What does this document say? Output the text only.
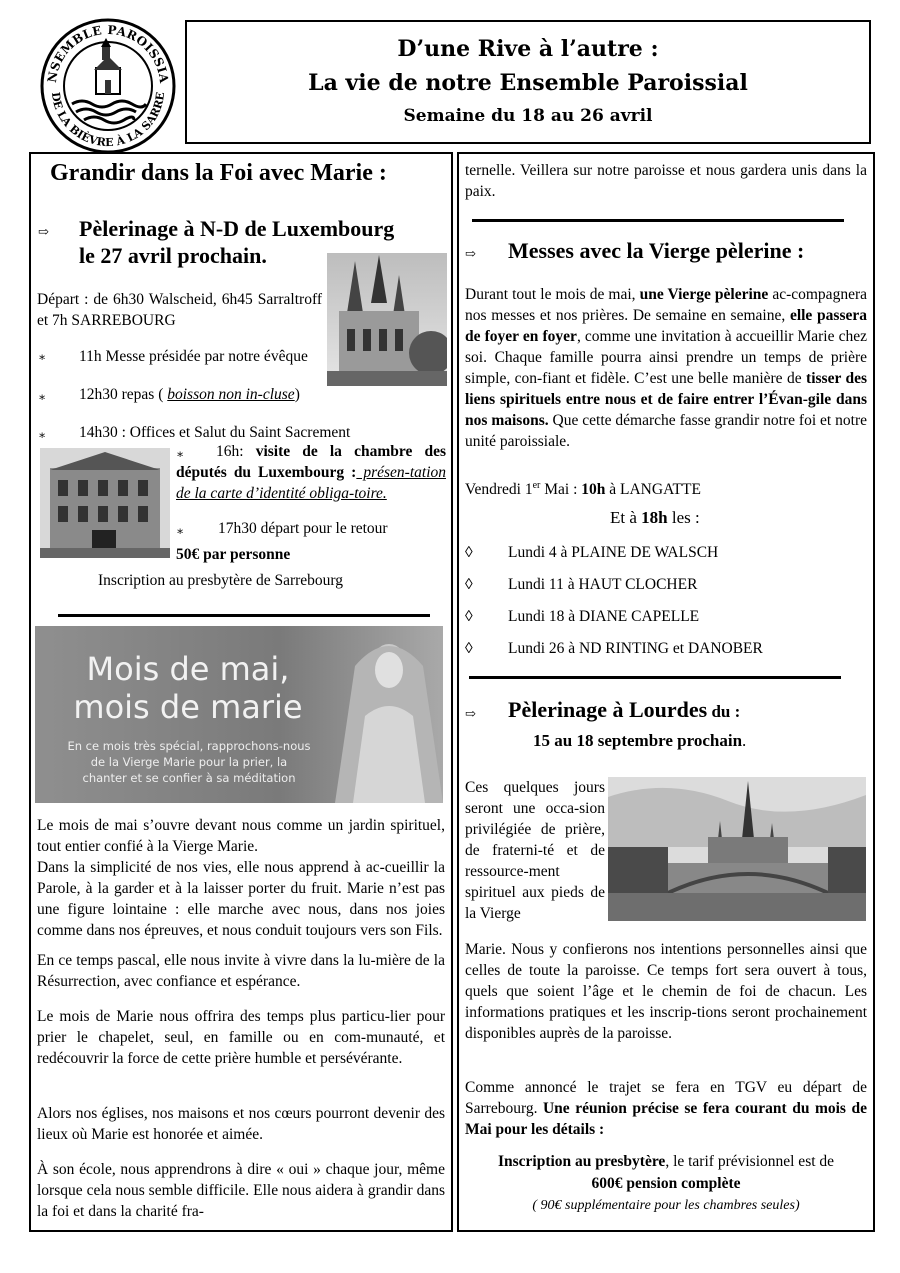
NSEMBLE PAROISSIA
DE LA BIÈVRE À LA SARRE
D’une Rive à l’autre :
La vie de notre Ensemble Paroissial
Semaine du 18 au 26 avril
Grandir dans la Foi avec Marie :
⇨ Pèlerinage à N-D de Luxembourg
le 27 avril prochain.
Départ : de 6h30 Walscheid, 6h45 Sarraltroff et 7h SARREBOURG
∗ 11h Messe présidée par notre évêque
∗ 12h30 repas ( boisson non in-clusе)
∗ 14h30 : Offices et Salut du Saint Sacrement
∗	16h: visite de la chambre des députés du Luxembourg : présen-tation de la carte d’identité obliga-toire.
∗ 17h30 départ pour le retour
50€ par personne
Inscription au presbytère de Sarrebourg
Mois de mai,
mois de marie
En ce mois très spécial, rapprochons-nous de la Vierge Marie pour la prier, la chanter et se confier à sa méditation
Le mois de mai s’ouvre devant nous comme un jardin spirituel, tout entier confié à la Vierge Marie.
Dans la simplicité de nos vies, elle nous apprend à ac-cueillir la Parole, à la garder et à la laisser porter du fruit. Marie n’est pas une figure lointaine : elle marche avec nous, dans nos joies comme dans nos épreuves, et nous conduit toujours vers son Fils.
En ce temps pascal, elle nous invite à vivre dans la lu-mière de la Résurrection, avec confiance et espérance.
Le mois de Marie nous offrira des temps plus particu-lier pour prier le chapelet, seul, en famille ou en com-munauté, et redécouvrir la force de cette prière humble et persévérante.
Alors nos églises, nos maisons et nos cœurs pourront devenir des lieux où Marie est honorée et aimée.
À son école, nous apprendrons à dire « oui » chaque jour, même lorsque cela nous semble difficile. Elle nous aidera à grandir dans la foi et dans la charité fra-
ternelle. Veillera sur notre paroisse et nous gardera unis dans la paix.
⇨ Messes avec la Vierge pèlerine :
Durant tout le mois de mai, une Vierge pèlerine ac-compagnera nos messes et nos prières. De semaine en semaine, elle passera de foyer en foyer, comme une invitation à accueillir Marie chez soi. Chaque famille pourra ainsi prendre un temps de prière simple, con-fiant et fidèle. C’est une belle manière de tisser des liens spirituels entre nous et de faire entrer l’Évan-gile dans nos maisons. Que cette démarche fasse grandir notre foi et notre unité paroissiale.
Vendredi 1er Mai : 10h à LANGATTE
Et à 18h les :
◊ Lundi 4 à PLAINE DE WALSCH
◊ Lundi 11 à HAUT CLOCHER
◊ Lundi 18 à DIANE CAPELLE
◊ Lundi 26 à ND RINTING et DANOBER
⇨ Pèlerinage à Lourdes du :
15 au 18 septembre prochain.
Ces quelques jours seront une occa-sion privilégiée de prière, de fraterni-té et de ressource-ment spirituel aux pieds de la Vierge
Marie. Nous y confierons nos intentions personnelles ainsi que celles de toute la paroisse. Ce temps fort sera ouvert à tous, quels que soient l’âge et le chemin de foi de chacun. Les informations pratiques et les inscrip-tions seront prochainement disponibles auprès de la paroisse.
Comme annoncé le trajet se fera en TGV eu départ de Sarrebourg. Une réunion précise se fera courant du mois de Mai pour les détails :
Inscription au presbytère, le tarif prévisionnel est de
600€ pension complète
( 90€ supplémentaire pour les chambres seules)
